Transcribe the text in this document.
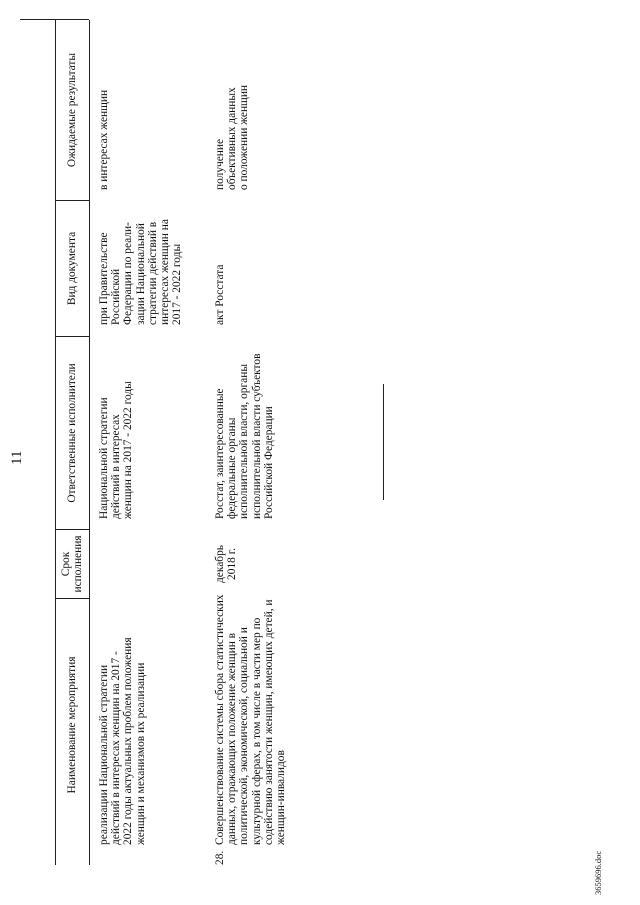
11
Наименование мероприятия
Срок исполнения
Ответственные исполнители
Вид документа
Ожидаемые результаты
реализации Национальной стратегии действий в интересах женщин на 2017 - 2022 годы актуальных проблем положения женщин и механизмов их реализации
Национальной стратегии действий в интересах женщин на 2017 - 2022 годы
при Правительстве Российской Федерации по реали- зации Национальной стратегии действий в интересах женщин на 2017 - 2022 годы
в интересах женщин
28.
Совершенствование системы сбора статистических данных, отражающих положение женщин в политической, экономической, социальной и культурной сферах, в том числе в части мер по содействию занятости женщин, имеющих детей, и женщин-инвалидов
декабрь 2018 г.
Росстат, заинтересованные федеральные органы исполнительной власти, органы исполнительной власти субъектов Российской Федерации
акт Росстата
получение объективных данных о положении женщин
3659696.doc
